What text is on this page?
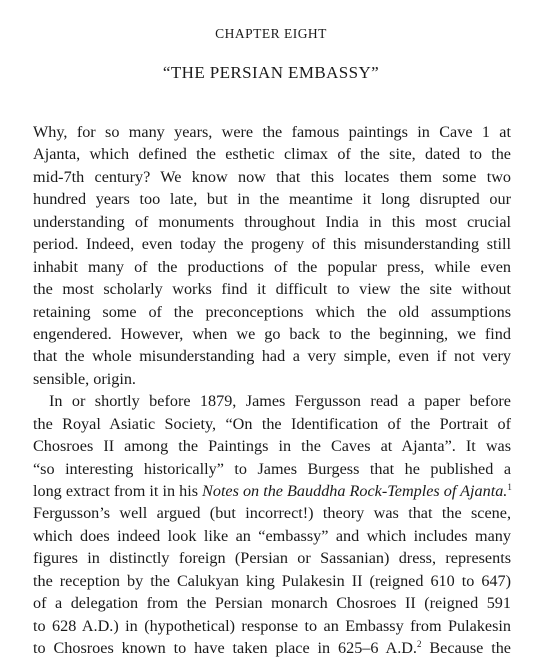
CHAPTER EIGHT
“THE PERSIAN EMBASSY”
Why, for so many years, were the famous paintings in Cave 1 at
Ajanta, which defined the esthetic climax of the site, dated to the
mid-7th century? We know now that this locates them some two
hundred years too late, but in the meantime it long disrupted our
understanding of monuments throughout India in this most crucial
period. Indeed, even today the progeny of this misunderstanding still
inhabit many of the productions of the popular press, while even
the most scholarly works find it difficult to view the site without
retaining some of the preconceptions which the old assumptions
engendered. However, when we go back to the beginning, we find
that the whole misunderstanding had a very simple, even if not very
sensible, origin.
In or shortly before 1879, James Fergusson read a paper before
the Royal Asiatic Society, “On the Identification of the Portrait of
Chosroes II among the Paintings in the Caves at Ajanta”. It was
“so interesting historically” to James Burgess that he published a
long extract from it in his Notes on the Bauddha Rock-Temples of Ajanta.$^1$
Fergusson’s well argued (but incorrect!) theory was that the scene,
which does indeed look like an “embassy” and which includes many
figures in distinctly foreign (Persian or Sassanian) dress, represents
the reception by the Calukyan king Pulakesin II (reigned 610 to 647)
of a delegation from the Persian monarch Chosroes II (reigned 591
to 628 A.D.) in (hypothetical) response to an Embassy from Pulakesin
to Chosroes known to have taken place in 625–6 A.D.$^2$ Because the
